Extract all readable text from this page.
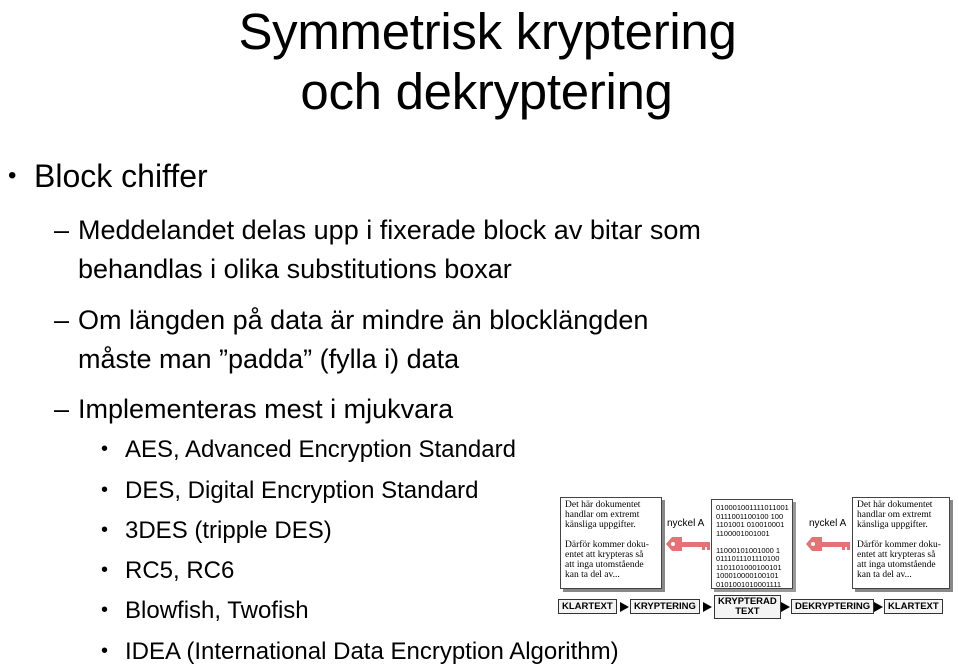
Symmetrisk kryptering
och dekryptering
• Block chiffer
– Meddelandet delas upp i fixerade block av bitar som
behandlas i olika substitutions boxar
– Om längden på data är mindre än blocklängden
måste man ”padda” (fylla i) data
– Implementeras mest i mjukvara
• AES, Advanced Encryption Standard
• DES, Digital Encryption Standard
• 3DES (tripple DES)
• RC5, RC6
• Blowfish, Twofish
• IDEA (International Data Encryption Algorithm)
Det här dokumentet
handlar om extremt
känsliga uppgifter.

Därför kommer doku-
entet att krypteras så
att inga utomstående
kan ta del av...
nyckel A
0100010011110110​01
0111001100100 100
1101001 010010001
1100001001001

11000101001000 1
0111011101110100
1101101000100101
100010000100101
0101001010001111
nyckel A
Det här dokumentet
handlar om extremt
känsliga uppgifter.

Därför kommer doku-
entet att krypteras så
att inga utomstående
kan ta del av...
KLARTEXT	KRYPTERING	KRYPTERAD
TEXT	DEKRYPTERING	KLARTEXT
